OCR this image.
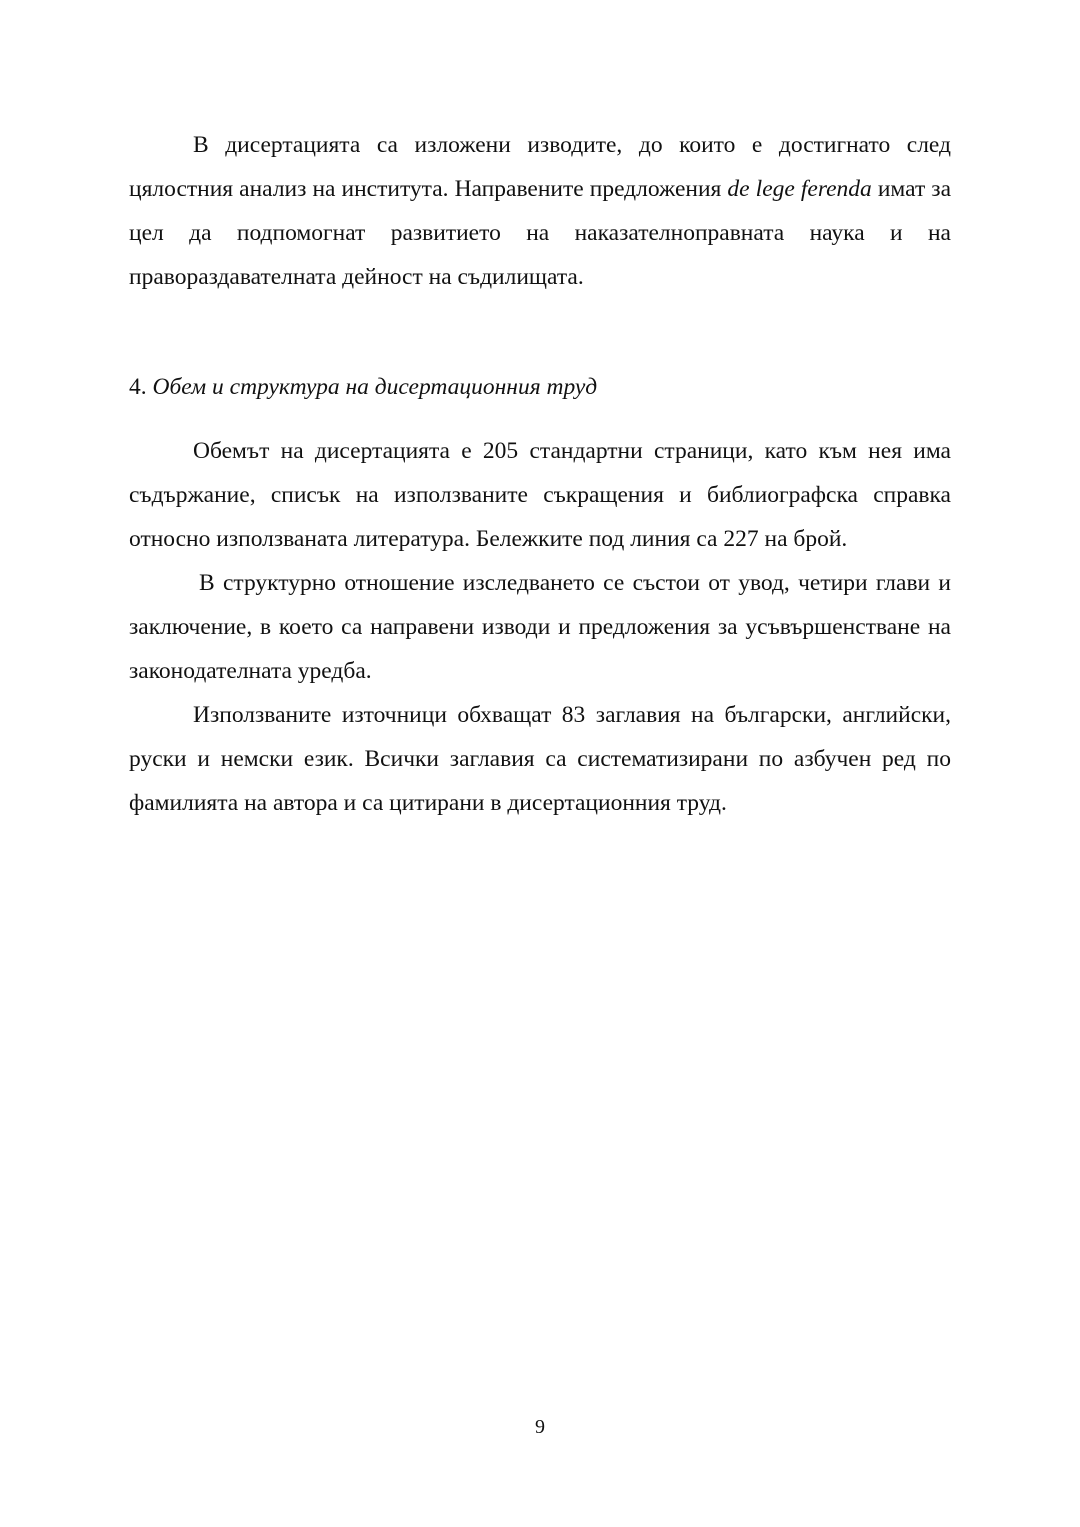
В дисертацията са изложени изводите, до които е достигнато след цялостния анализ на института. Направените предложения de lege ferenda имат за цел да подпомогнат развитието на наказателноправната наука и на правораздавателната дейност на съдилищата.

4. Обем и структура на дисертационния труд

Обемът на дисертацията е 205 стандартни страници, като към нея има съдържание, списък на използваните съкращения и библиографска справка относно използваната литература. Бележките под линия са 227 на брой.

В структурно отношение изследването се състои от увод, четири глави и заключение, в което са направени изводи и предложения за усъвършенстване на законодателната уредба.

Използваните източници обхващат 83 заглавия на български, английски, руски и немски език. Всички заглавия са систематизирани по азбучен ред по фамилията на автора и са цитирани в дисертационния труд.

9
